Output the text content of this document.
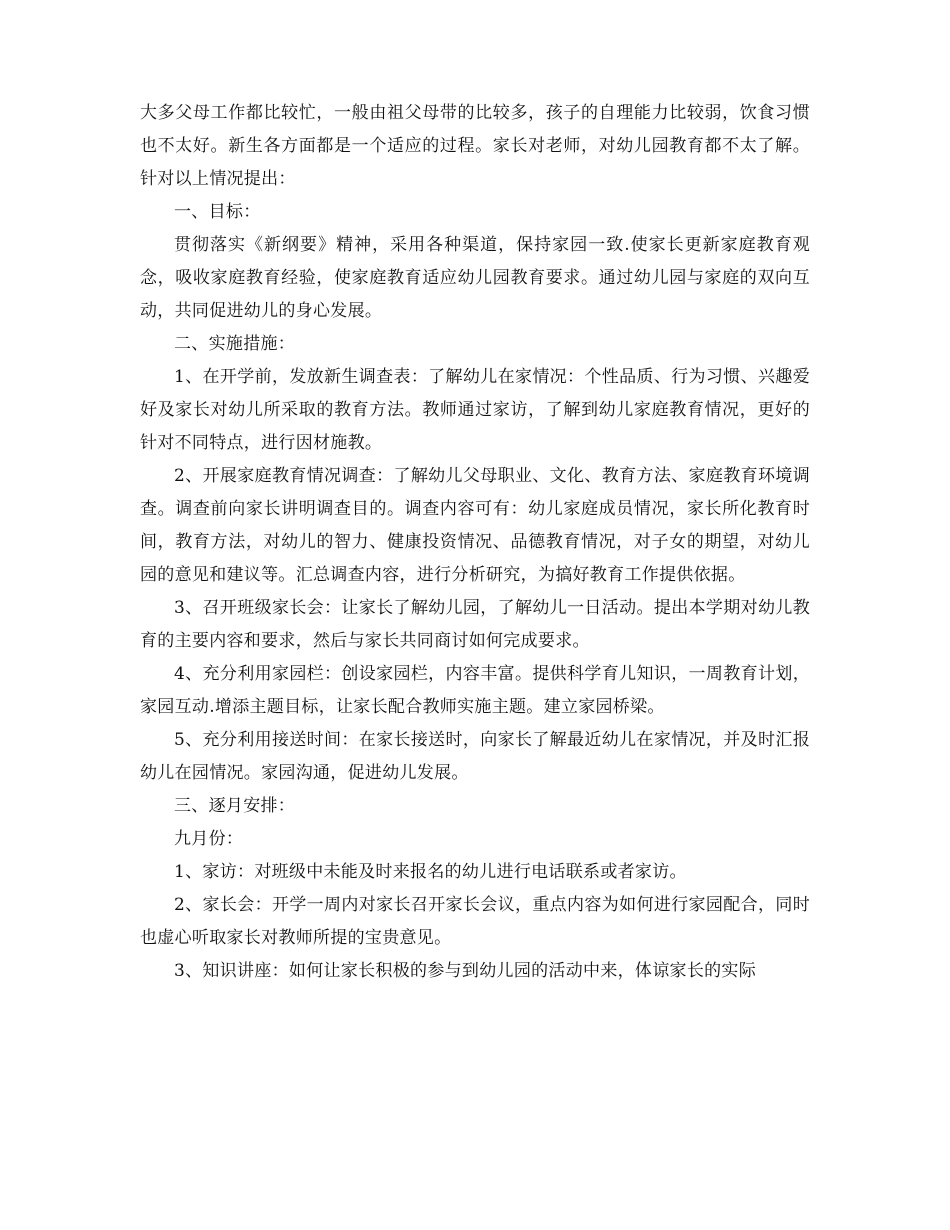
大多父母工作都比较忙，一般由祖父母带的比较多，孩子的自理能力比较弱，饮食习惯也不太好。新生各方面都是一个适应的过程。家长对老师，对幼儿园教育都不太了解。针对以上情况提出：

一、目标：

贯彻落实《新纲要》精神，采用各种渠道，保持家园一致.使家长更新家庭教育观念，吸收家庭教育经验，使家庭教育适应幼儿园教育要求。通过幼儿园与家庭的双向互动，共同促进幼儿的身心发展。

二、实施措施：

1、在开学前，发放新生调查表：了解幼儿在家情况：个性品质、行为习惯、兴趣爱好及家长对幼儿所采取的教育方法。教师通过家访，了解到幼儿家庭教育情况，更好的针对不同特点，进行因材施教。

2、开展家庭教育情况调查：了解幼儿父母职业、文化、教育方法、家庭教育环境调查。调查前向家长讲明调查目的。调查内容可有：幼儿家庭成员情况，家长所化教育时间，教育方法，对幼儿的智力、健康投资情况、品德教育情况，对子女的期望，对幼儿园的意见和建议等。汇总调查内容，进行分析研究，为搞好教育工作提供依据。

3、召开班级家长会：让家长了解幼儿园，了解幼儿一日活动。提出本学期对幼儿教育的主要内容和要求，然后与家长共同商讨如何完成要求。

4、充分利用家园栏：创设家园栏，内容丰富。提供科学育儿知识，一周教育计划，家园互动.增添主题目标，让家长配合教师实施主题。建立家园桥梁。

5、充分利用接送时间：在家长接送时，向家长了解最近幼儿在家情况，并及时汇报幼儿在园情况。家园沟通，促进幼儿发展。

三、逐月安排：

九月份：

1、家访：对班级中未能及时来报名的幼儿进行电话联系或者家访。

2、家长会：开学一周内对家长召开家长会议，重点内容为如何进行家园配合，同时也虚心听取家长对教师所提的宝贵意见。

3、知识讲座：如何让家长积极的参与到幼儿园的活动中来，体谅家长的实际
